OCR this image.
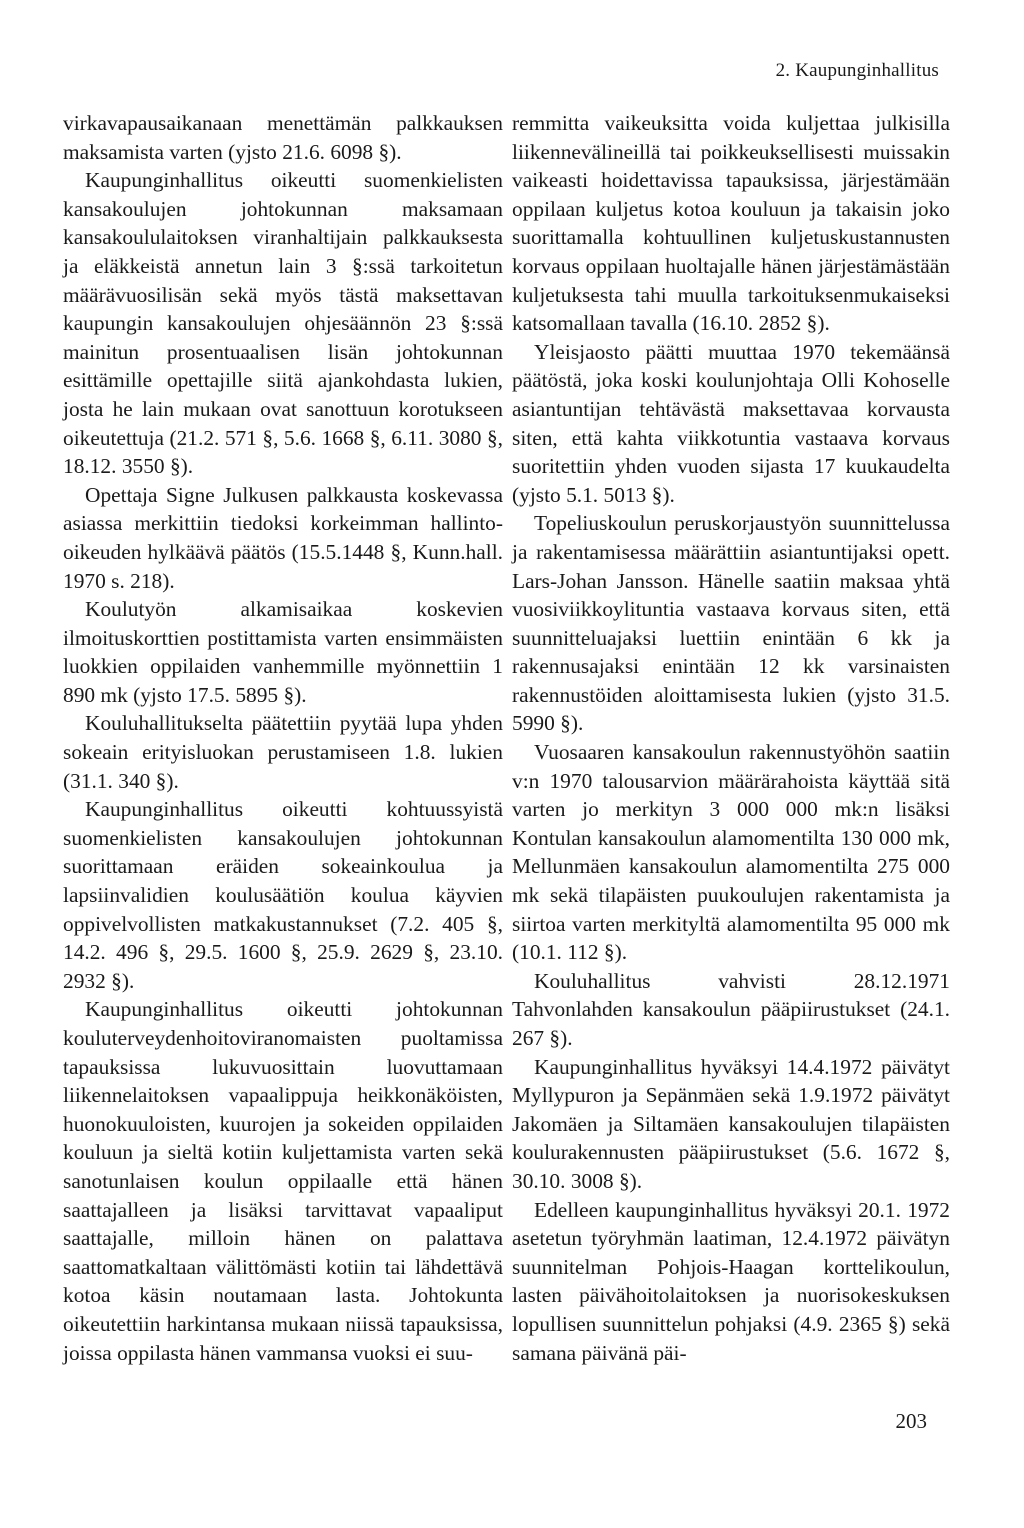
2. Kaupunginhallitus

virkavapausaikanaan menettämän palkkauksen maksamista varten (yjsto 21.6. 6098 §).

Kaupunginhallitus oikeutti suomenkielisten kansakoulujen johtokunnan maksamaan kansakoululaitoksen viranhaltijain palkkauksesta ja eläkkeistä annetun lain 3 §:ssä tarkoitetun määrävuosilisän sekä myös tästä maksettavan kaupungin kansakoulujen ohjesäännön 23 §:ssä mainitun prosentuaalisen lisän johtokunnan esittämille opettajille siitä ajankohdasta lukien, josta he lain mukaan ovat sanottuun korotukseen oikeutettuja (21.2. 571 §, 5.6. 1668 §, 6.11. 3080 §, 18.12. 3550 §).

Opettaja Signe Julkusen palkkausta koskevassa asiassa merkittiin tiedoksi korkeimman hallinto-oikeuden hylkäävä päätös (15.5.1448 §, Kunn.hall. 1970 s. 218).

Koulutyön alkamisaikaa koskevien ilmoituskorttien postittamista varten ensimmäisten luokkien oppilaiden vanhemmille myönnettiin 1 890 mk (yjsto 17.5. 5895 §).

Kouluhallitukselta päätettiin pyytää lupa yhden sokeain erityisluokan perustamiseen 1.8. lukien (31.1. 340 §).

Kaupunginhallitus oikeutti kohtuussyistä suomenkielisten kansakoulujen johtokunnan suorittamaan eräiden sokeainkoulua ja lapsiinvalidien koulusäätiön koulua käyvien oppivelvollisten matkakustannukset (7.2. 405 §, 14.2. 496 §, 29.5. 1600 §, 25.9. 2629 §, 23.10. 2932 §).

Kaupunginhallitus oikeutti johtokunnan kouluterveydenhoitoviranomaisten puoltamissa tapauksissa lukuvuosittain luovuttamaan liikennelaitoksen vapaalippuja heikkonäköisten, huonokuuloisten, kuurojen ja sokeiden oppilaiden kouluun ja sieltä kotiin kuljettamista varten sekä sanotunlaisen koulun oppilaalle että hänen saattajalleen ja lisäksi tarvittavat vapaaliput saattajalle, milloin hänen on palattava saattomatkaltaan välittömästi kotiin tai lähdettävä kotoa käsin noutamaan lasta. Johtokunta oikeutettiin harkintansa mukaan niissä tapauksissa, joissa oppilasta hänen vammansa vuoksi ei suu-

remmitta vaikeuksitta voida kuljettaa julkisilla liikennevälineillä tai poikkeuksellisesti muissakin vaikeasti hoidettavissa tapauksissa, järjestämään oppilaan kuljetus kotoa kouluun ja takaisin joko suorittamalla kohtuullinen kuljetuskustannusten korvaus oppilaan huoltajalle hänen järjestämästään kuljetuksesta tahi muulla tarkoituksenmukaiseksi katsomallaan tavalla (16.10. 2852 §).

Yleisjaosto päätti muuttaa 1970 tekemäänsä päätöstä, joka koski koulunjohtaja Olli Kohoselle asiantuntijan tehtävästä maksettavaa korvausta siten, että kahta viikkotuntia vastaava korvaus suoritettiin yhden vuoden sijasta 17 kuukaudelta (yjsto 5.1. 5013 §).

Topeliuskoulun peruskorjaustyön suunnittelussa ja rakentamisessa määrättiin asiantuntijaksi opett. Lars-Johan Jansson. Hänelle saatiin maksaa yhtä vuosiviikkoylituntia vastaava korvaus siten, että suunnitteluajaksi luettiin enintään 6 kk ja rakennusajaksi enintään 12 kk varsinaisten rakennustöiden aloittamisesta lukien (yjsto 31.5. 5990 §).

Vuosaaren kansakoulun rakennustyöhön saatiin v:n 1970 talousarvion määrärahoista käyttää sitä varten jo merkityn 3 000 000 mk:n lisäksi Kontulan kansakoulun alamomentilta 130 000 mk, Mellunmäen kansakoulun alamomentilta 275 000 mk sekä tilapäisten puukoulujen rakentamista ja siirtoa varten merkityltä alamomentilta 95 000 mk (10.1. 112 §).

Kouluhallitus vahvisti 28.12.1971 Tahvonlahden kansakoulun pääpiirustukset (24.1. 267 §).

Kaupunginhallitus hyväksyi 14.4.1972 päivätyt Myllypuron ja Sepänmäen sekä 1.9.1972 päivätyt Jakomäen ja Siltamäen kansakoulujen tilapäisten koulurakennusten pääpiirustukset (5.6. 1672 §, 30.10. 3008 §).

Edelleen kaupunginhallitus hyväksyi 20.1. 1972 asetetun työryhmän laatiman, 12.4.1972 päivätyn suunnitelman Pohjois-Haagan korttelikoulun, lasten päivähoitolaitoksen ja nuorisokeskuksen lopullisen suunnittelun pohjaksi (4.9. 2365 §) sekä samana päivänä päi-

203
